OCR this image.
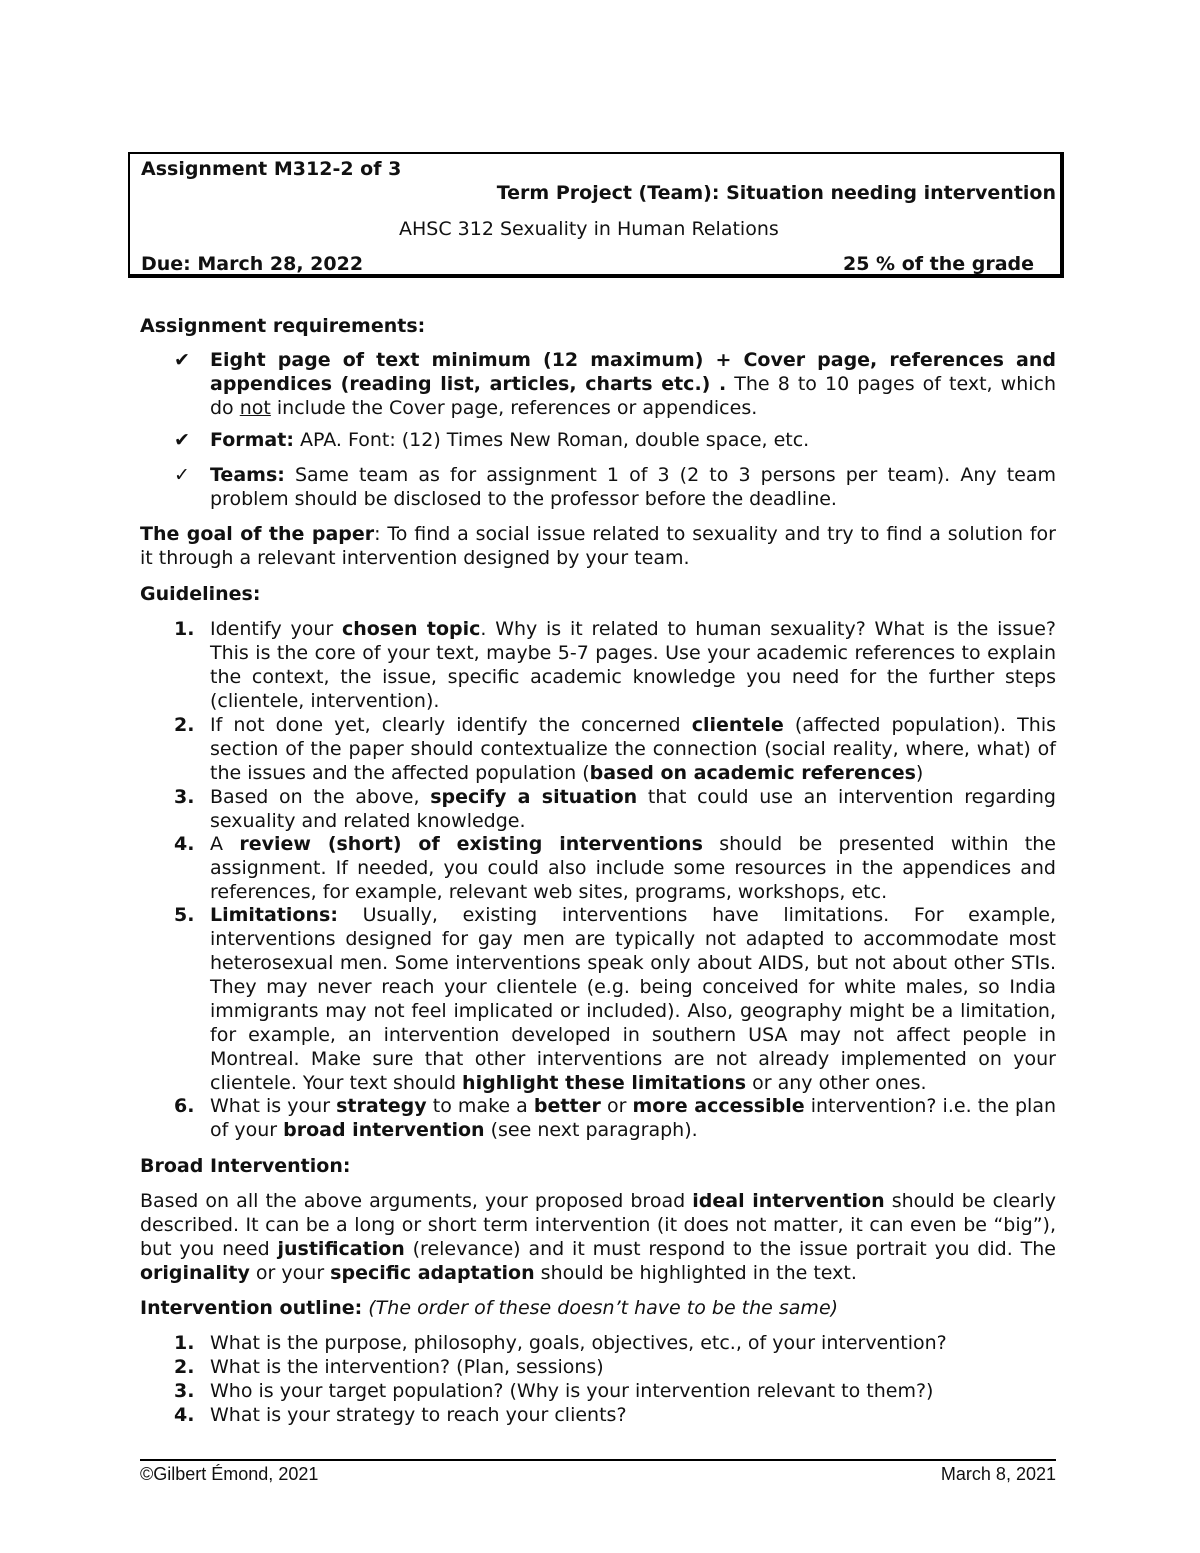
Assignment M312-2 of 3
Term Project (Team): Situation needing intervention
AHSC 312 Sexuality in Human Relations
Due: March 28, 2022	25 % of the grade
Assignment requirements:
✔ Eight page of text minimum (12 maximum) + Cover page, references and appendices (reading list, articles, charts etc.) . The 8 to 10 pages of text, which do not include the Cover page, references or appendices.
✔ Format: APA. Font: (12) Times New Roman, double space, etc.
✓ Teams: Same team as for assignment 1 of 3 (2 to 3 persons per team). Any team problem should be disclosed to the professor before the deadline.
The goal of the paper: To find a social issue related to sexuality and try to find a solution for it through a relevant intervention designed by your team.
Guidelines:
1. Identify your chosen topic. Why is it related to human sexuality? What is the issue? This is the core of your text, maybe 5-7 pages. Use your academic references to explain the context, the issue, specific academic knowledge you need for the further steps (clientele, intervention).
2. If not done yet, clearly identify the concerned clientele (affected population). This section of the paper should contextualize the connection (social reality, where, what) of the issues and the affected population (based on academic references)
3. Based on the above, specify a situation that could use an intervention regarding sexuality and related knowledge.
4. A review (short) of existing interventions should be presented within the assignment. If needed, you could also include some resources in the appendices and references, for example, relevant web sites, programs, workshops, etc.
5. Limitations: Usually, existing interventions have limitations. For example, interventions designed for gay men are typically not adapted to accommodate most heterosexual men. Some interventions speak only about AIDS, but not about other STIs. They may never reach your clientele (e.g. being conceived for white males, so India immigrants may not feel implicated or included). Also, geography might be a limitation, for example, an intervention developed in southern USA may not affect people in Montreal. Make sure that other interventions are not already implemented on your clientele. Your text should highlight these limitations or any other ones.
6. What is your strategy to make a better or more accessible intervention? i.e. the plan of your broad intervention (see next paragraph).
Broad Intervention:
Based on all the above arguments, your proposed broad ideal intervention should be clearly described. It can be a long or short term intervention (it does not matter, it can even be “big”), but you need justification (relevance) and it must respond to the issue portrait you did. The originality or your specific adaptation should be highlighted in the text.
Intervention outline: (The order of these doesn’t have to be the same)
1. What is the purpose, philosophy, goals, objectives, etc., of your intervention?
2. What is the intervention? (Plan, sessions)
3. Who is your target population? (Why is your intervention relevant to them?)
4. What is your strategy to reach your clients?
©Gilbert Émond, 2021	March 8, 2021
